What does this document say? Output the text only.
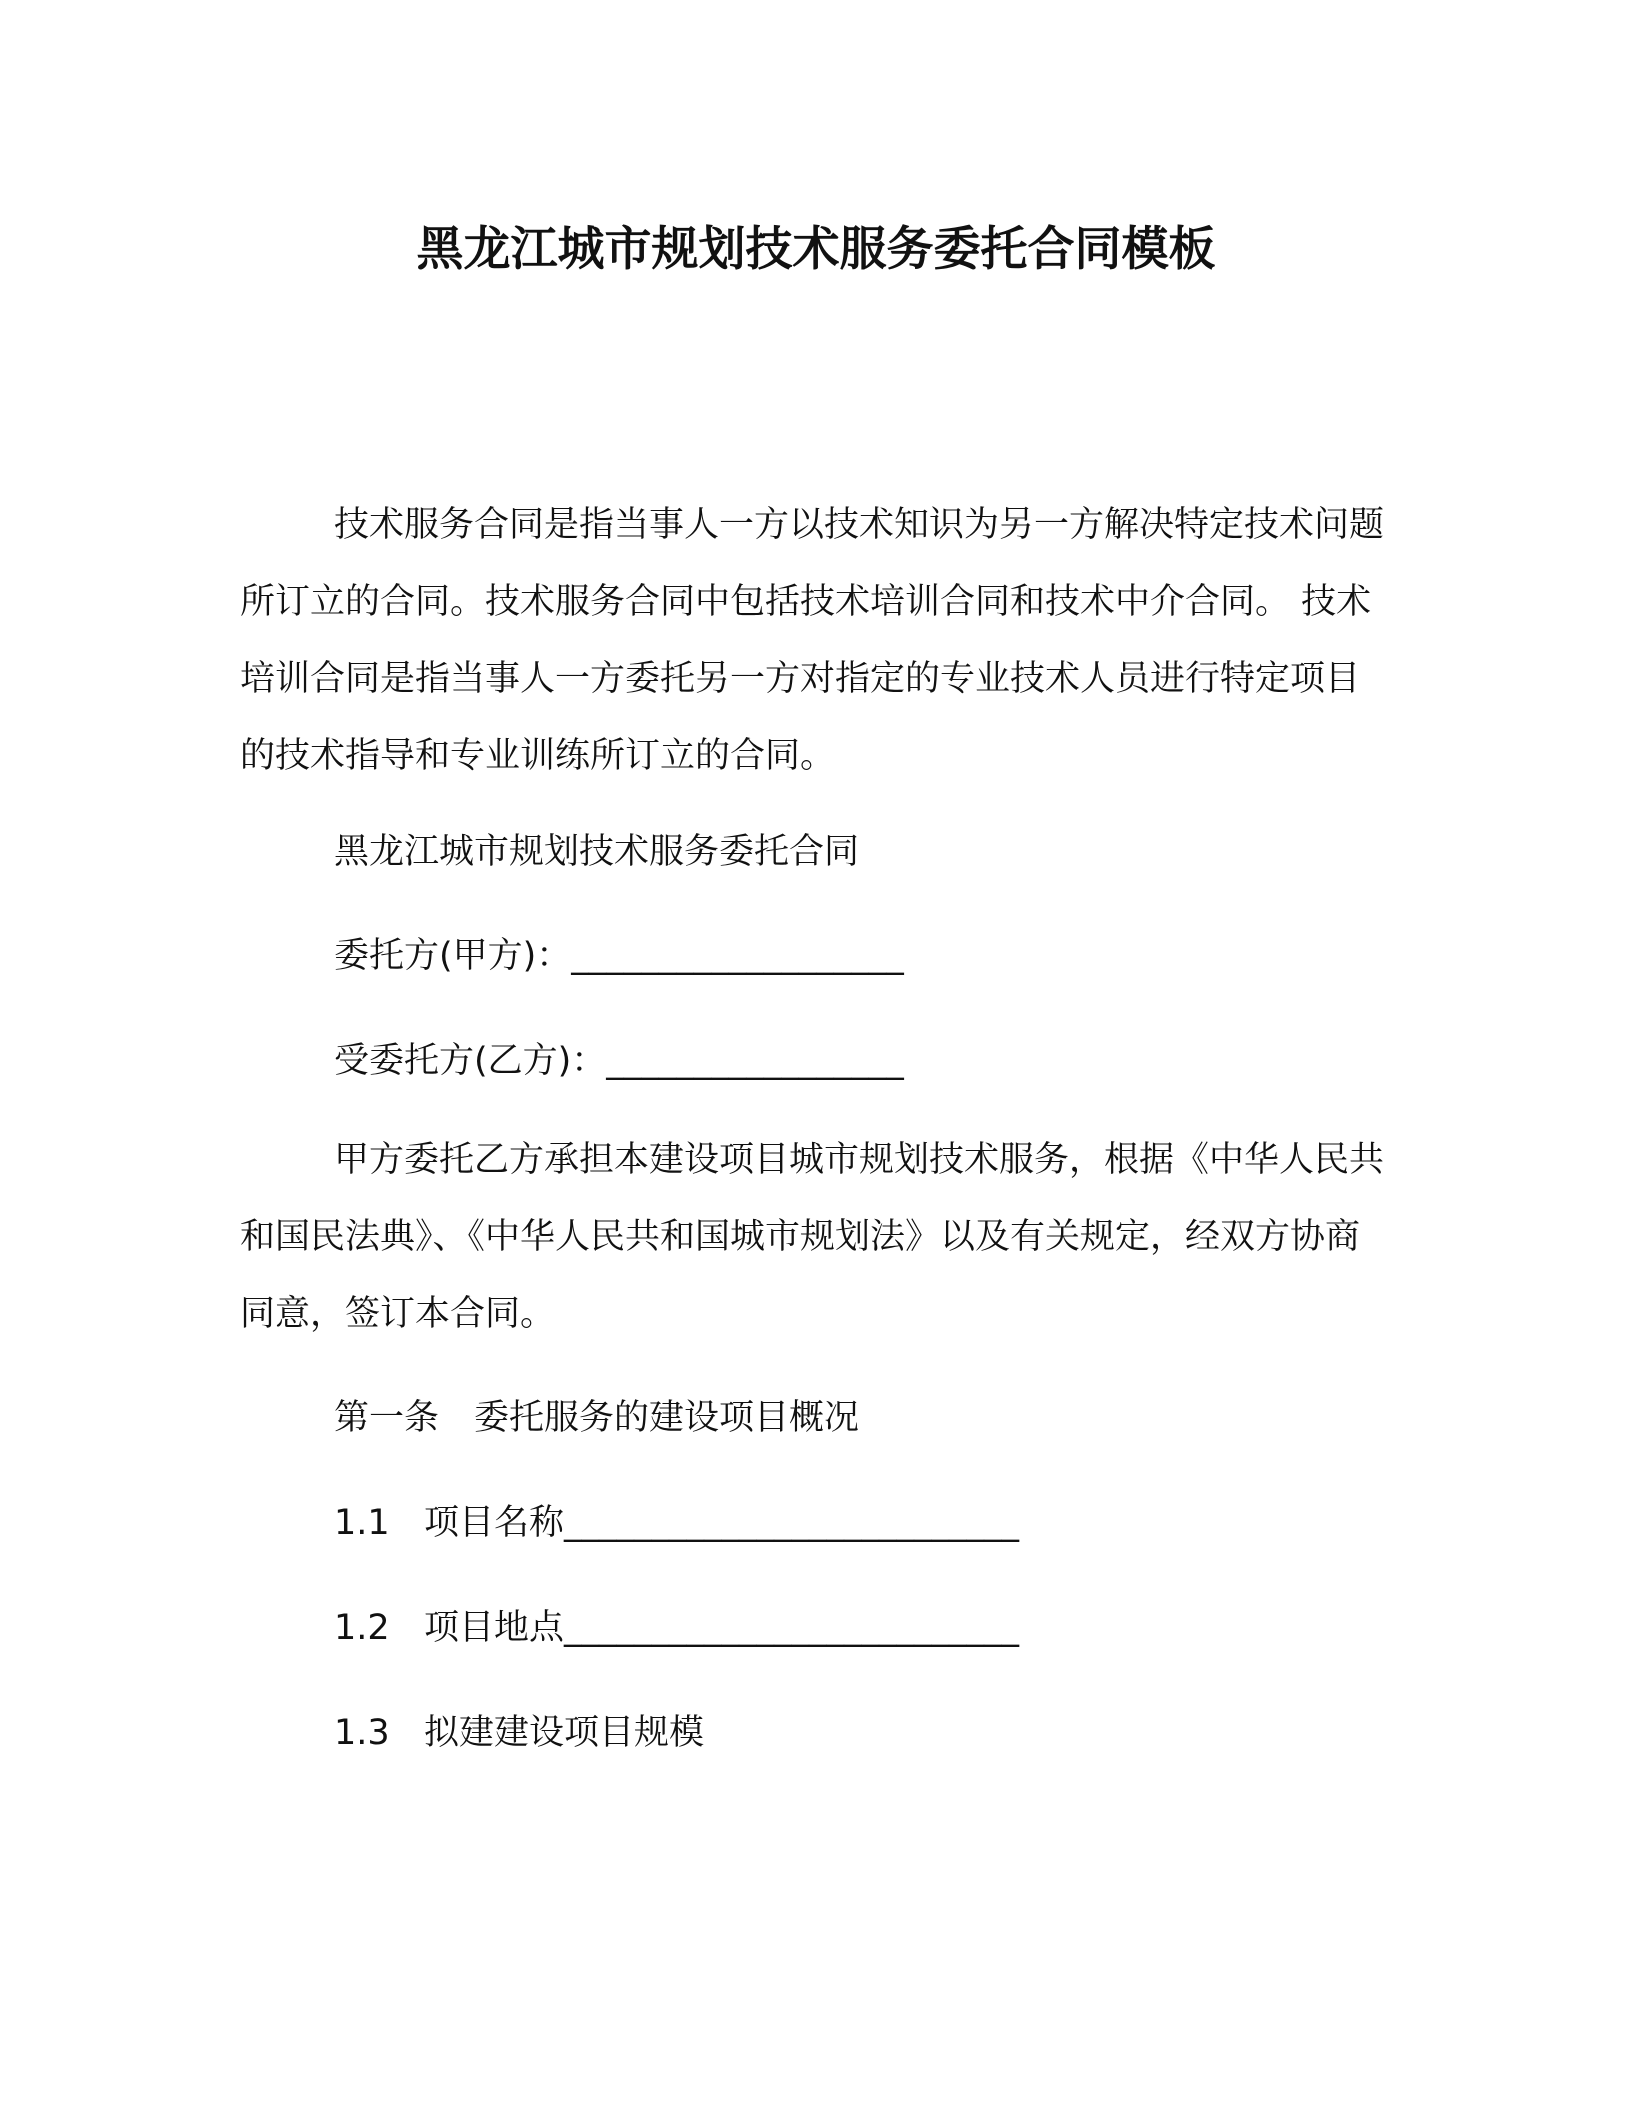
黑龙江城市规划技术服务委托合同模板

技术服务合同是指当事人一方以技术知识为另一方解决特定技术问题所订立的合同。技术服务合同中包括技术培训合同和技术中介合同。 技术培训合同是指当事人一方委托另一方对指定的专业技术人员进行特定项目的技术指导和专业训练所订立的合同。

黑龙江城市规划技术服务委托合同

委托方(甲方)：___________________

受委托方(乙方)：_________________

甲方委托乙方承担本建设项目城市规划技术服务，根据《中华人民共和国民法典》、《中华人民共和国城市规划法》以及有关规定，经双方协商同意，签订本合同。

第一条　委托服务的建设项目概况

1.1 项目名称__________________________

1.2 项目地点__________________________

1.3 拟建建设项目规模
